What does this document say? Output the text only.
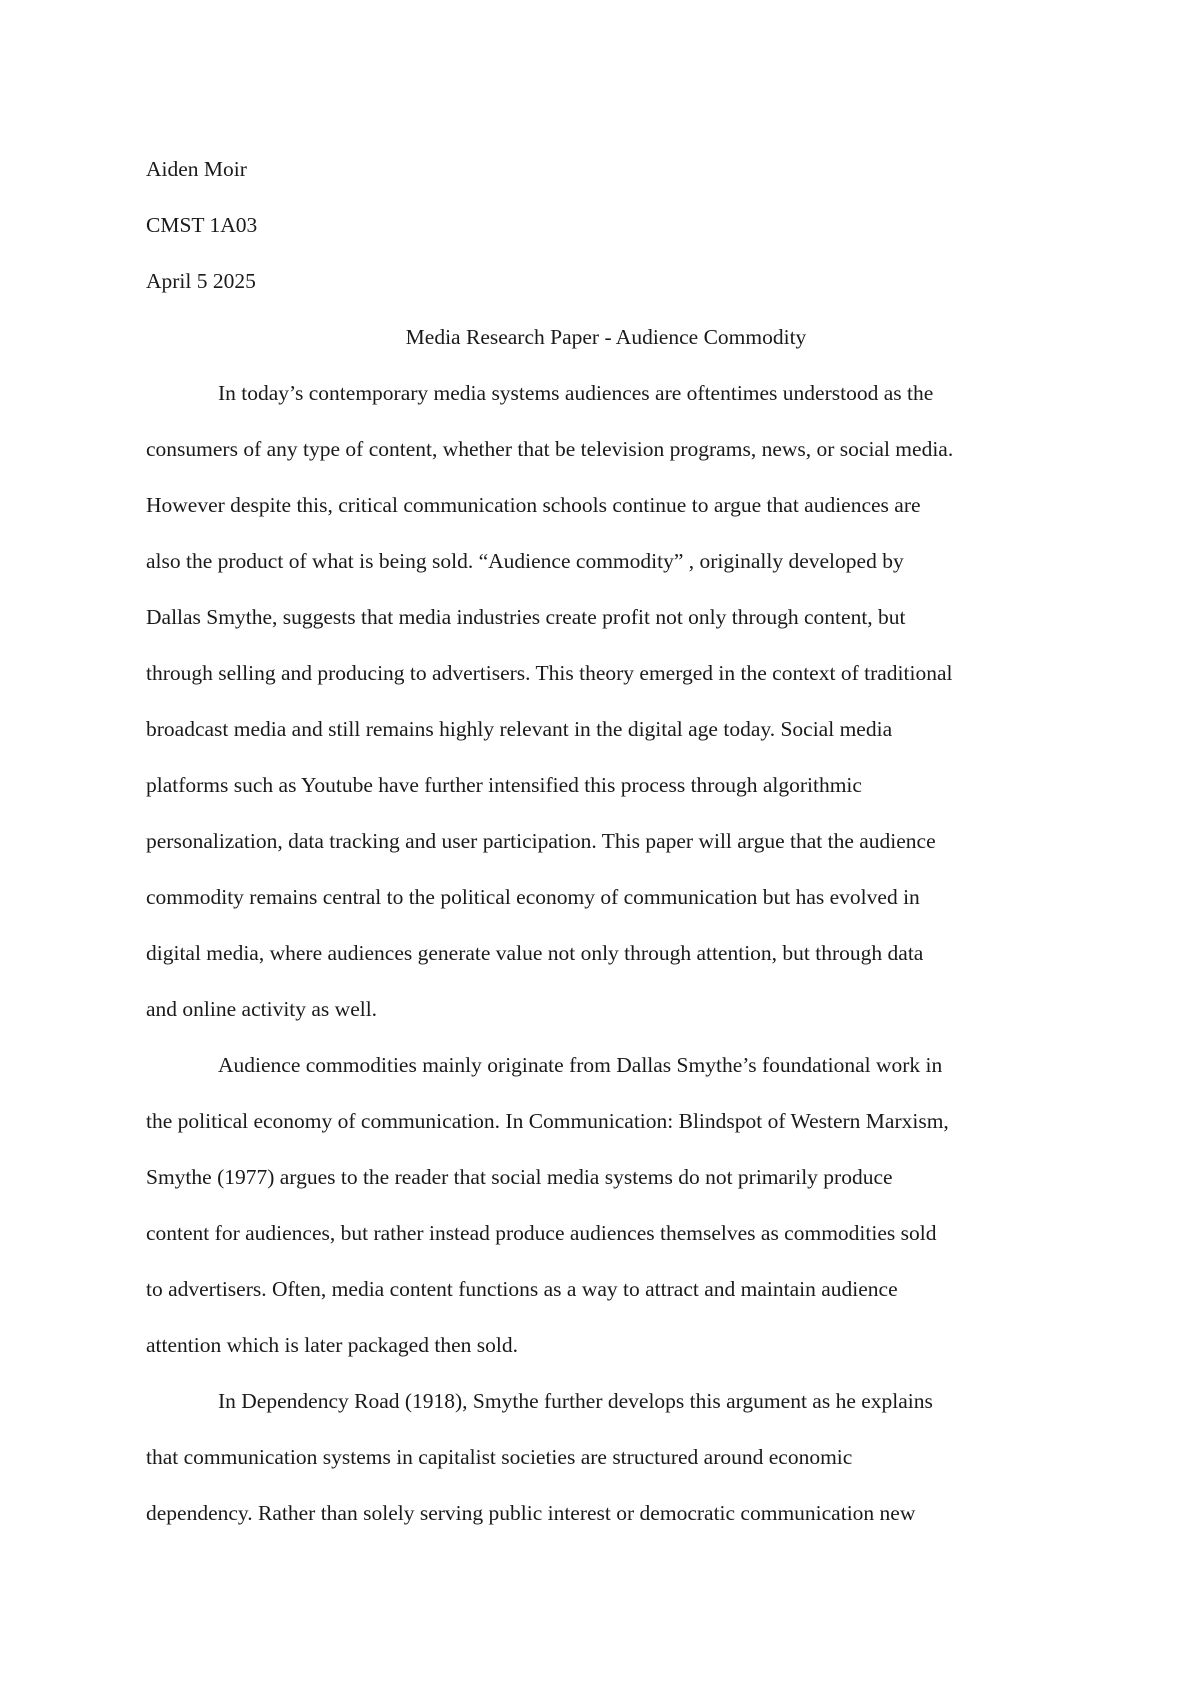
Aiden Moir
CMST 1A03
April 5 2025
Media Research Paper - Audience Commodity
In today’s contemporary media systems audiences are oftentimes understood as the
consumers of any type of content, whether that be television programs, news, or social media.
However despite this, critical communication schools continue to argue that audiences are
also the product of what is being sold. “Audience commodity” , originally developed by
Dallas Smythe, suggests that media industries create profit not only through content, but
through selling and producing to advertisers. This theory emerged in the context of traditional
broadcast media and still remains highly relevant in the digital age today. Social media
platforms such as Youtube have further intensified this process through algorithmic
personalization, data tracking and user participation. This paper will argue that the audience
commodity remains central to the political economy of communication but has evolved in
digital media, where audiences generate value not only through attention, but through data
and online activity as well.
Audience commodities mainly originate from Dallas Smythe’s foundational work in
the political economy of communication. In Communication: Blindspot of Western Marxism,
Smythe (1977) argues to the reader that social media systems do not primarily produce
content for audiences, but rather instead produce audiences themselves as commodities sold
to advertisers. Often, media content functions as a way to attract and maintain audience
attention which is later packaged then sold.
In Dependency Road (1918), Smythe further develops this argument as he explains
that communication systems in capitalist societies are structured around economic
dependency. Rather than solely serving public interest or democratic communication new
